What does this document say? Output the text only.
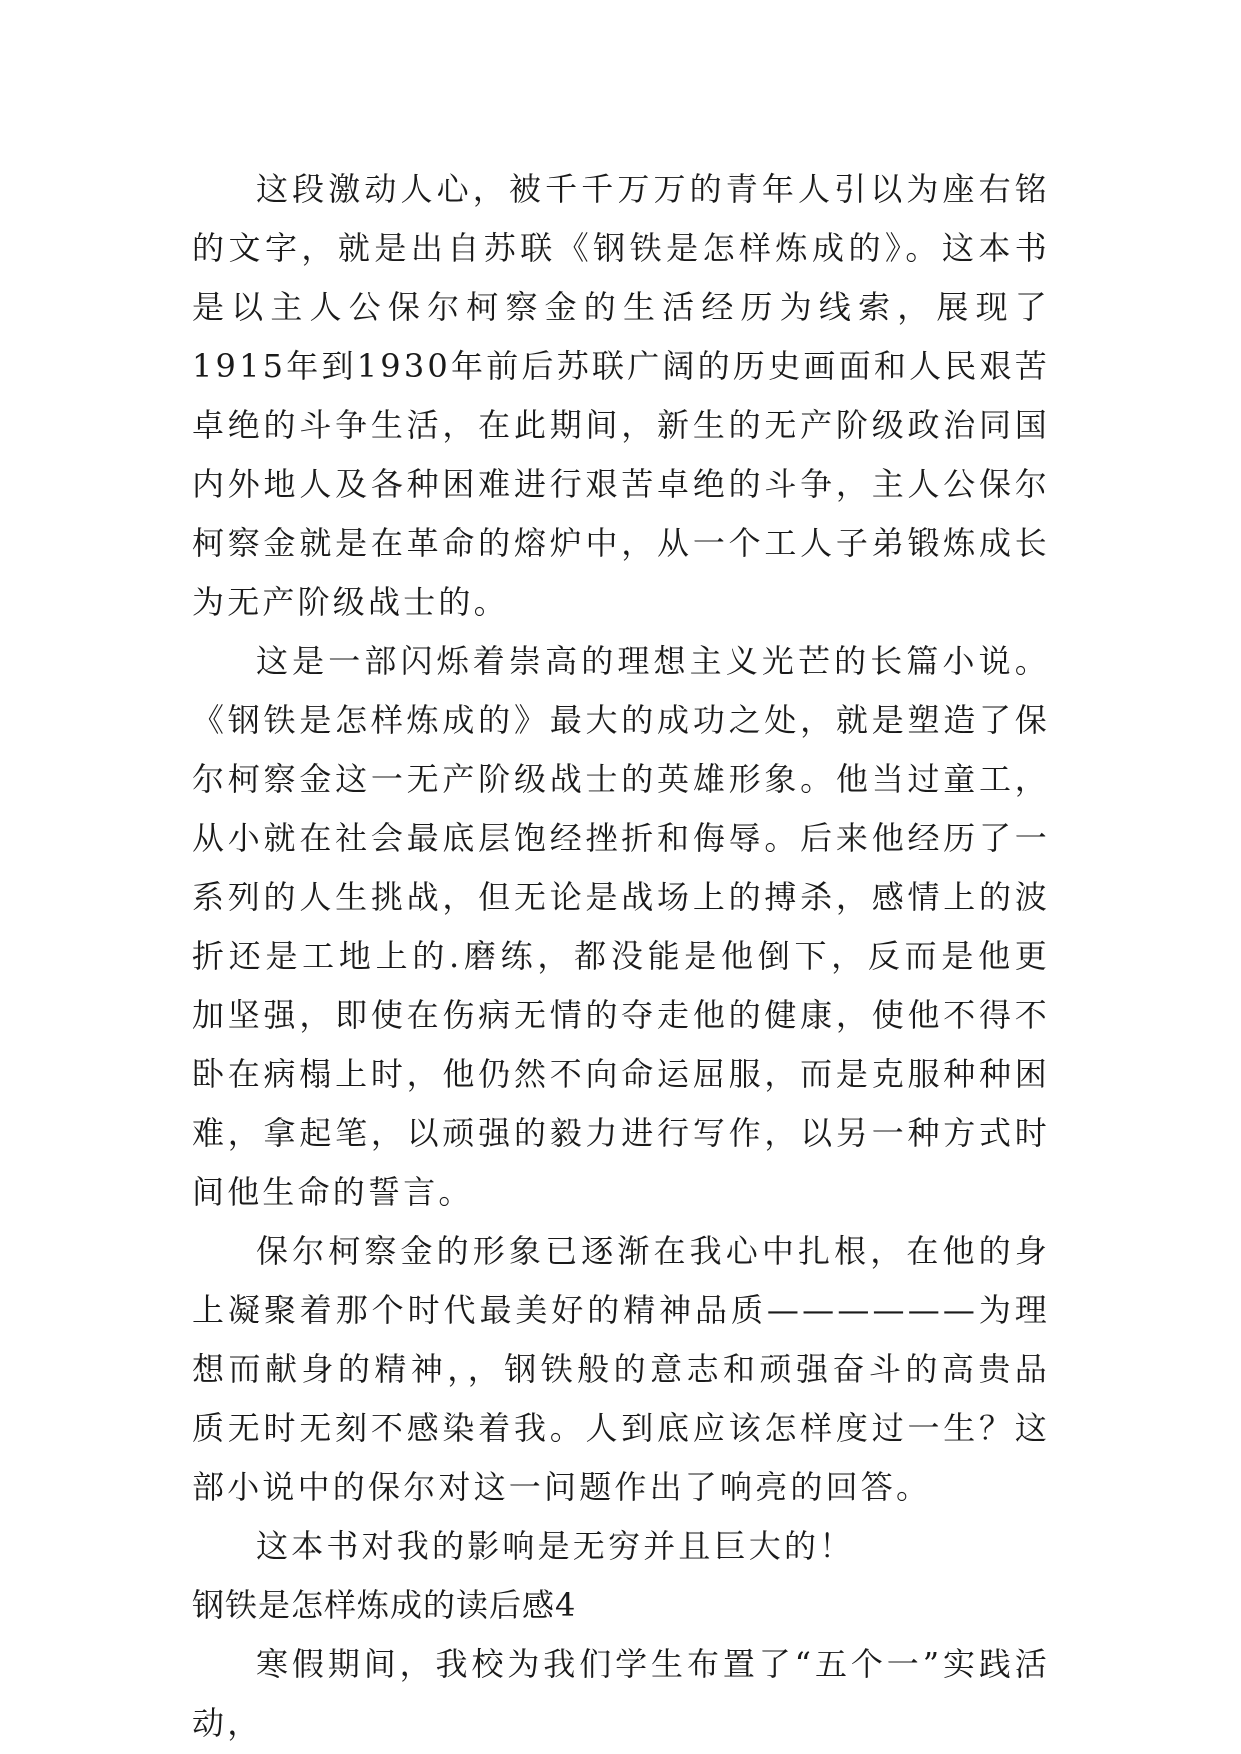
这段激动人心，被千千万万的青年人引以为座右铭的文字，就是出自苏联《钢铁是怎样炼成的》。这本书是以主人公保尔柯察金的生活经历为线索，展现了1915年到1930年前后苏联广阔的历史画面和人民艰苦卓绝的斗争生活，在此期间，新生的无产阶级政治同国内外地人及各种困难进行艰苦卓绝的斗争，主人公保尔柯察金就是在革命的熔炉中，从一个工人子弟锻炼成长为无产阶级战士的。

这是一部闪烁着崇高的理想主义光芒的长篇小说。《钢铁是怎样炼成的》最大的成功之处，就是塑造了保尔柯察金这一无产阶级战士的英雄形象。他当过童工，从小就在社会最底层饱经挫折和侮辱。后来他经历了一系列的人生挑战，但无论是战场上的搏杀，感情上的波折还是工地上的.磨练，都没能是他倒下，反而是他更加坚强，即使在伤病无情的夺走他的健康，使他不得不卧在病榻上时，他仍然不向命运屈服，而是克服种种困难，拿起笔，以顽强的毅力进行写作，以另一种方式时间他生命的誓言。

保尔柯察金的形象已逐渐在我心中扎根，在他的身上凝聚着那个时代最美好的精神品质——————为理想而献身的精神，，钢铁般的意志和顽强奋斗的高贵品质无时无刻不感染着我。人到底应该怎样度过一生？这部小说中的保尔对这一问题作出了响亮的回答。

这本书对我的影响是无穷并且巨大的！

钢铁是怎样炼成的读后感4

寒假期间，我校为我们学生布置了“五个一”实践活动，
